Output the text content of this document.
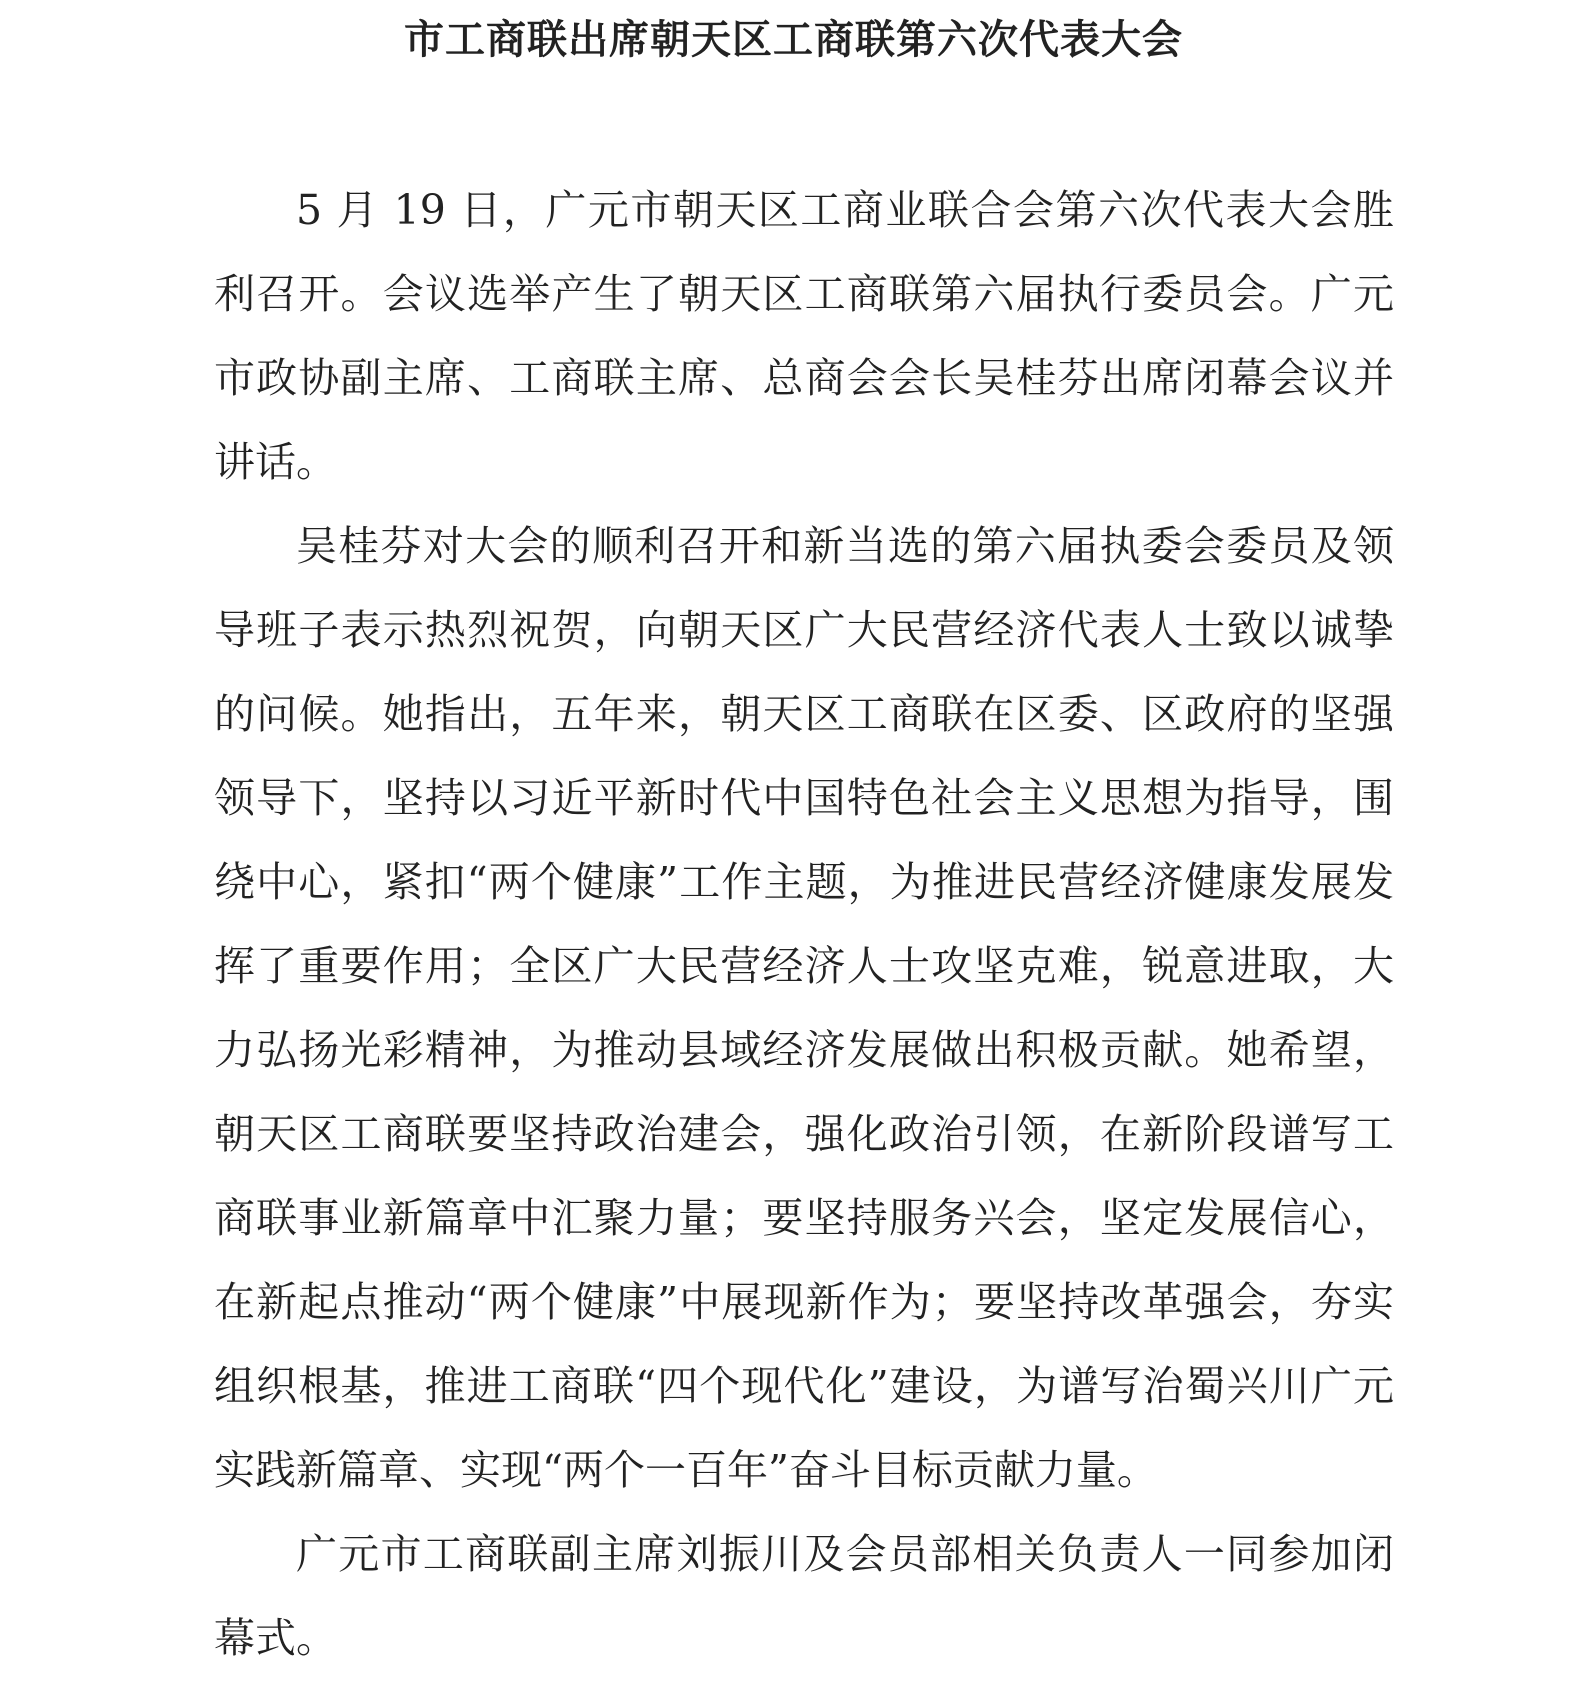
市工商联出席朝天区工商联第六次代表大会

5 月 19 日，广元市朝天区工商业联合会第六次代表大会胜利召开。会议选举产生了朝天区工商联第六届执行委员会。广元市政协副主席、工商联主席、总商会会长吴桂芬出席闭幕会议并讲话。

吴桂芬对大会的顺利召开和新当选的第六届执委会委员及领导班子表示热烈祝贺，向朝天区广大民营经济代表人士致以诚挚的问候。她指出，五年来，朝天区工商联在区委、区政府的坚强领导下，坚持以习近平新时代中国特色社会主义思想为指导，围绕中心，紧扣“两个健康”工作主题，为推进民营经济健康发展发挥了重要作用；全区广大民营经济人士攻坚克难，锐意进取，大力弘扬光彩精神，为推动县域经济发展做出积极贡献。她希望，朝天区工商联要坚持政治建会，强化政治引领，在新阶段谱写工商联事业新篇章中汇聚力量；要坚持服务兴会，坚定发展信心，在新起点推动“两个健康”中展现新作为；要坚持改革强会，夯实组织根基，推进工商联“四个现代化”建设，为谱写治蜀兴川广元实践新篇章、实现“两个一百年”奋斗目标贡献力量。

广元市工商联副主席刘振川及会员部相关负责人一同参加闭幕式。
